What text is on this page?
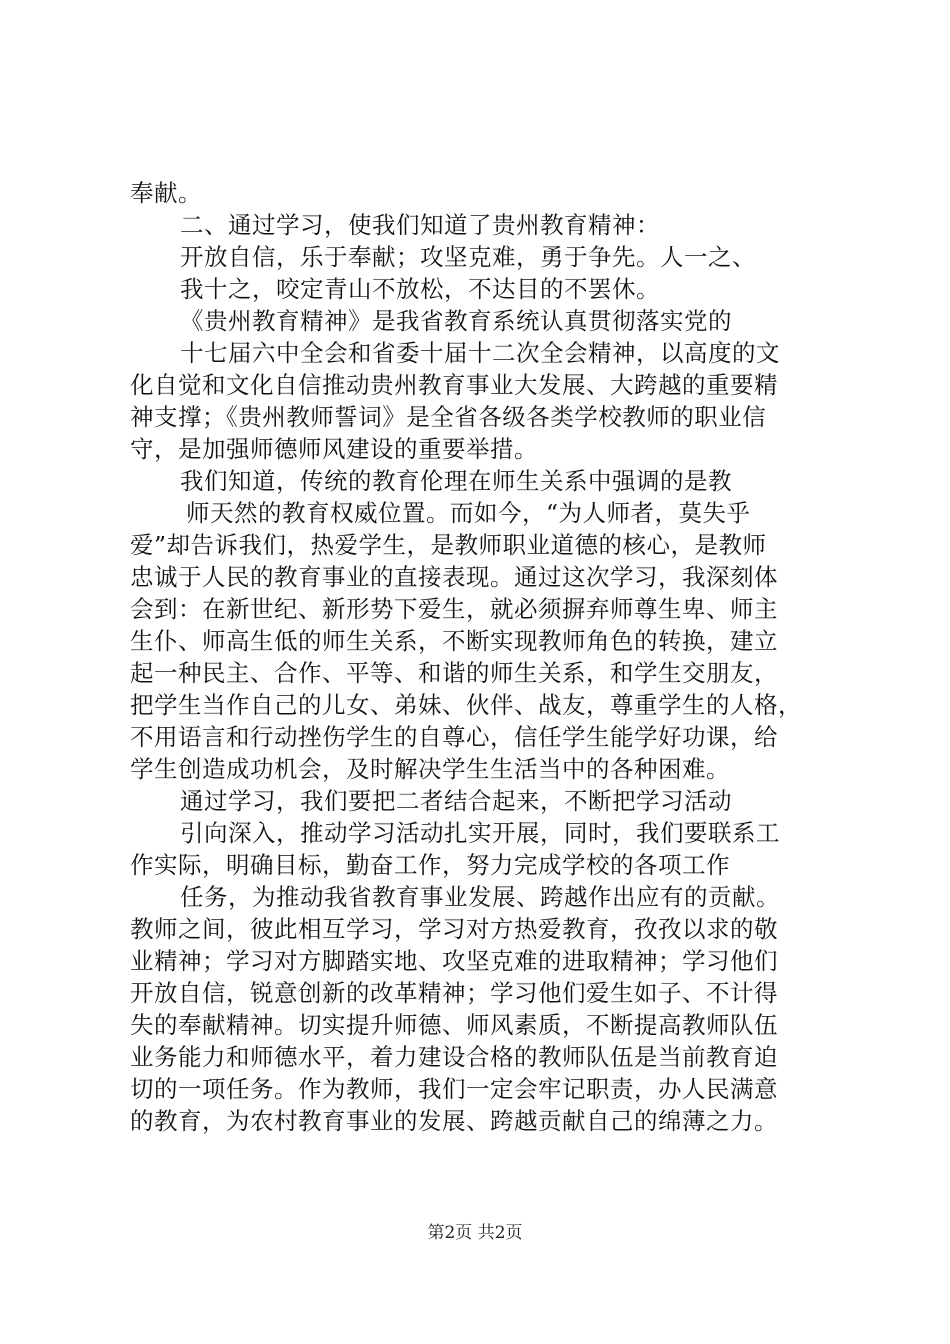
奉献。
二、通过学习，使我们知道了贵州教育精神：
开放自信，乐于奉献；攻坚克难，勇于争先。人一之、
我十之，咬定青山不放松，不达目的不罢休。
《贵州教育精神》是我省教育系统认真贯彻落实党的
十七届六中全会和省委十届十二次全会精神，以高度的文
化自觉和文化自信推动贵州教育事业大发展、大跨越的重要精
神支撑；《贵州教师誓词》是全省各级各类学校教师的职业信
守，是加强师德师风建设的重要举措。
我们知道，传统的教育伦理在师生关系中强调的是教
师天然的教育权威位置。而如今，“为人师者，莫失乎
爱”却告诉我们，热爱学生，是教师职业道德的核心，是教师
忠诚于人民的教育事业的直接表现。通过这次学习，我深刻体
会到：在新世纪、新形势下爱生，就必须摒弃师尊生卑、师主
生仆、师高生低的师生关系，不断实现教师角色的转换，建立
起一种民主、合作、平等、和谐的师生关系，和学生交朋友，
把学生当作自己的儿女、弟妹、伙伴、战友，尊重学生的人格，
不用语言和行动挫伤学生的自尊心，信任学生能学好功课，给
学生创造成功机会，及时解决学生生活当中的各种困难。
通过学习，我们要把二者结合起来，不断把学习活动
引向深入，推动学习活动扎实开展，同时，我们要联系工
作实际，明确目标，勤奋工作，努力完成学校的各项工作
任务，为推动我省教育事业发展、跨越作出应有的贡献。
教师之间，彼此相互学习，学习对方热爱教育，孜孜以求的敬
业精神；学习对方脚踏实地、攻坚克难的进取精神；学习他们
开放自信，锐意创新的改革精神；学习他们爱生如子、不计得
失的奉献精神。切实提升师德、师风素质，不断提高教师队伍
业务能力和师德水平，着力建设合格的教师队伍是当前教育迫
切的一项任务。作为教师，我们一定会牢记职责，办人民满意
的教育，为农村教育事业的发展、跨越贡献自己的绵薄之力。
第2页 共2页
